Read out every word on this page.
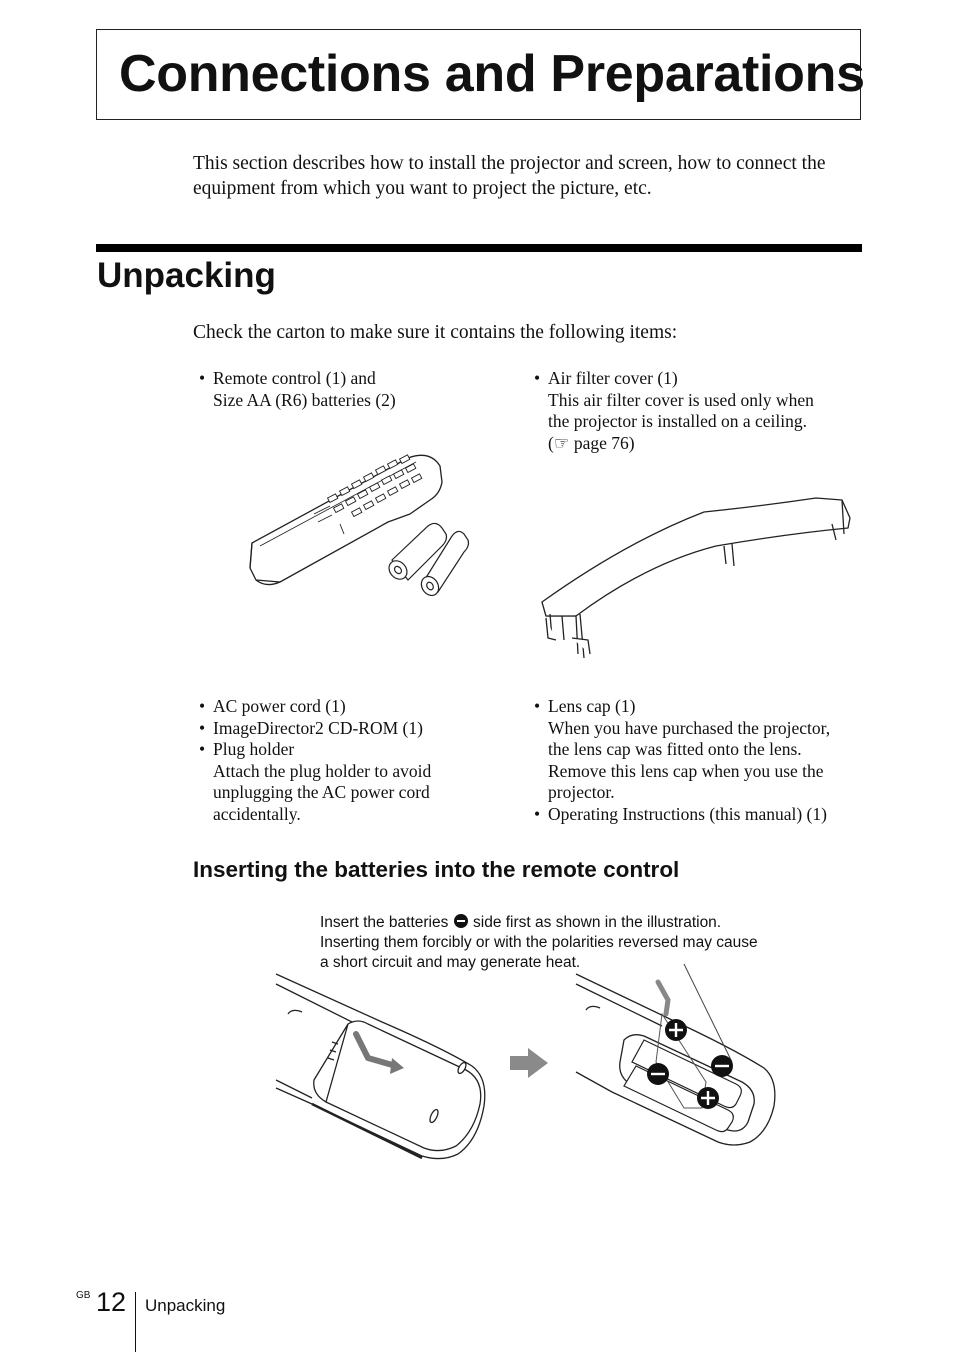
Connections and Preparations

This section describes how to install the projector and screen, how to connect the equipment from which you want to project the picture, etc.

Unpacking

Check the carton to make sure it contains the following items:

• Remote control (1) and
Size AA (R6) batteries (2)
• Air filter cover (1)
This air filter cover is used only when
the projector is installed on a ceiling.
(☞ page 76)
• AC power cord (1)
• ImageDirector2 CD-ROM (1)
• Plug holder
Attach the plug holder to avoid
unplugging the AC power cord
accidentally.
• Lens cap (1)
When you have purchased the projector,
the lens cap was fitted onto the lens.
Remove this lens cap when you use the
projector.
• Operating Instructions (this manual) (1)
Inserting the batteries into the remote control
Insert the batteries side first as shown in the illustration.
Inserting them forcibly or with the polarities reversed may cause
a short circuit and may generate heat.
GB 12 Unpacking
